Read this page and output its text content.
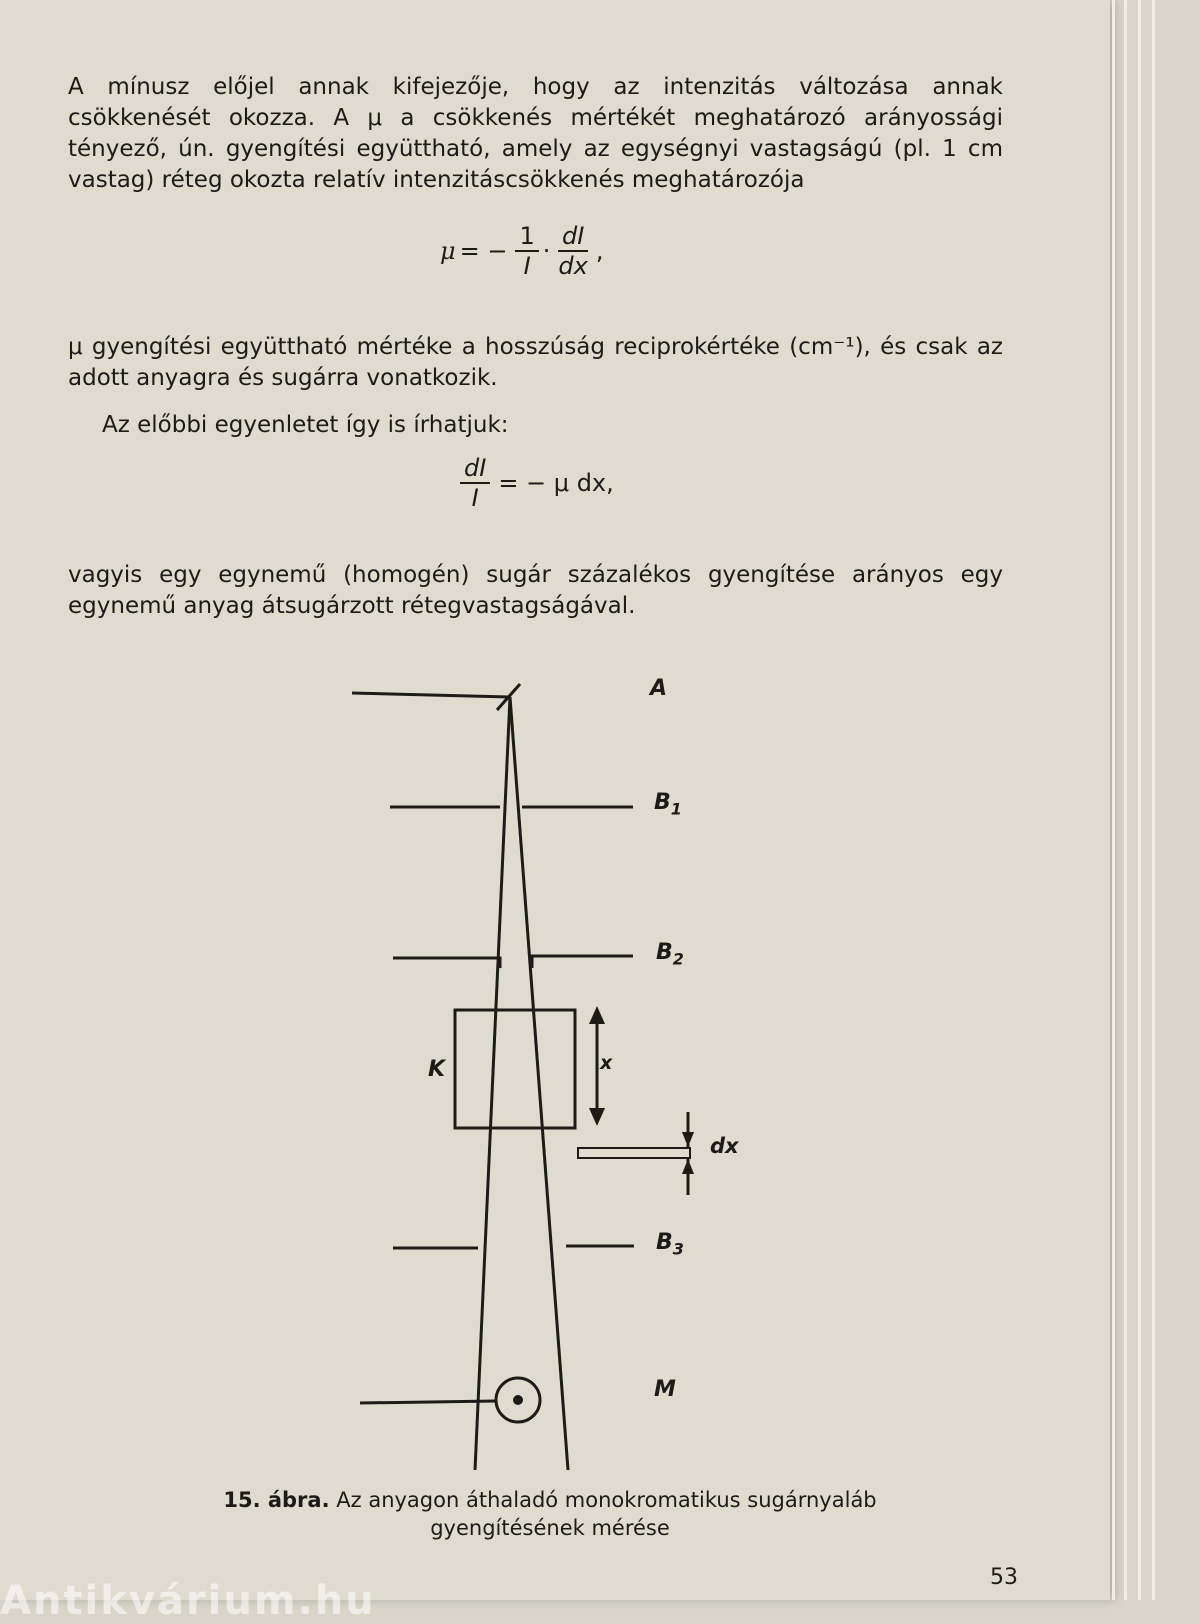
A mínusz előjel annak kifejezője, hogy az intenzitás változása annak csökkenését okozza. A μ a csökkenés mértékét meghatározó arányossági tényező, ún. gyengítési együttható, amely az egységnyi vastagságú (pl. 1 cm vastag) réteg okozta relatív intenzitáscsökkenés meghatározója

μ = − $\frac{1}{I} \cdot \frac{dI}{dx}$ ,

μ gyengítési együttható mértéke a hosszúság reciprokértéke (cm⁻¹), és csak az adott anyagra és sugárra vonatkozik.

Az előbbi egyenletet így is írhatjuk:

$\frac{dI}{I}$ = − μ dx,

vagyis egy egynemű (homogén) sugár százalékos gyengítése arányos egy egynemű anyag átsugárzott rétegvastagságával.

A
$B_1$
$B_2$
K	x
dx
$B_3$
M
15. ábra. Az anyagon áthaladó monokromatikus sugárnyaláb gyengítésének mérése
53
Antikvárium.hu
